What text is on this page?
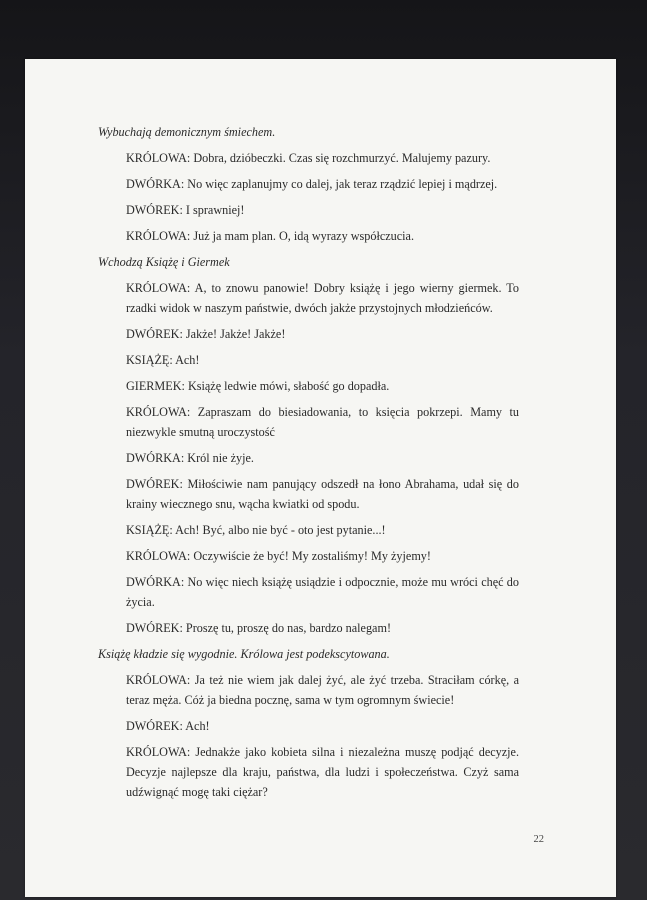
Wybuchają demonicznym śmiechem.

KRÓLOWA: Dobra, dzióbeczki. Czas się rozchmurzyć. Malujemy pazury.

DWÓRKA: No więc zaplanujmy co dalej, jak teraz rządzić lepiej i mądrzej.

DWÓREK: I sprawniej!

KRÓLOWA: Już ja mam plan. O, idą wyrazy współczucia.

Wchodzą Książę i Giermek

KRÓLOWA: A, to znowu panowie! Dobry książę i jego wierny giermek. To rzadki widok w naszym państwie, dwóch jakże przystojnych młodzieńców.

DWÓREK: Jakże! Jakże! Jakże!

KSIĄŻĘ: Ach!

GIERMEK: Książę ledwie mówi, słabość go dopadła.

KRÓLOWA: Zapraszam do biesiadowania, to księcia pokrzepi. Mamy tu niezwykle smutną uroczystość

DWÓRKA: Król nie żyje.

DWÓREK: Miłościwie nam panujący odszedł na łono Abrahama, udał się do krainy wiecznego snu, wącha kwiatki od spodu.

KSIĄŻĘ: Ach! Być, albo nie być - oto jest pytanie...!

KRÓLOWA: Oczywiście że być! My zostaliśmy! My żyjemy!

DWÓRKA: No więc niech książę usiądzie i odpocznie, może mu wróci chęć do życia.

DWÓREK: Proszę tu, proszę do nas, bardzo nalegam!

Książę kładzie się wygodnie. Królowa jest podekscytowana.

KRÓLOWA: Ja też nie wiem jak dalej żyć, ale żyć trzeba. Straciłam córkę, a teraz męża. Cóż ja biedna pocznę, sama w tym ogromnym świecie!

DWÓREK: Ach!

KRÓLOWA: Jednakże jako kobieta silna i niezależna muszę podjąć decyzje. Decyzje najlepsze dla kraju, państwa, dla ludzi i społeczeństwa. Czyż sama udźwignąć mogę taki ciężar?

22
